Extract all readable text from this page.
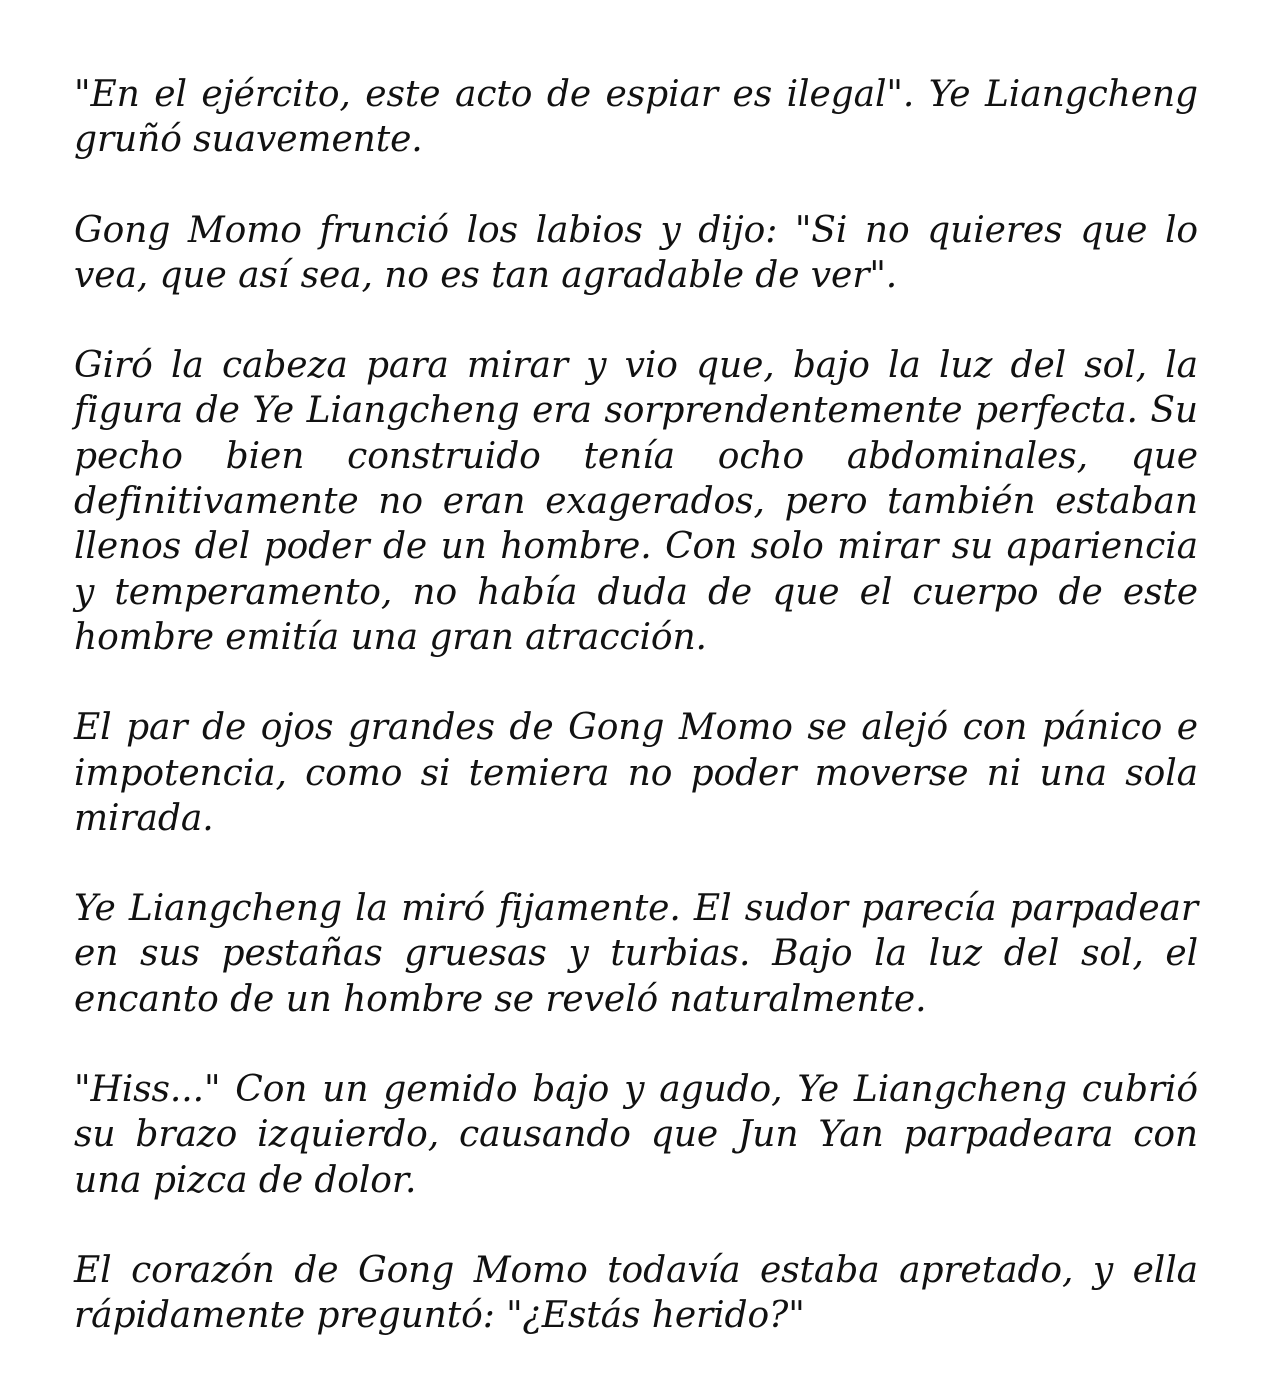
"En el ejército, este acto de espiar es ilegal". Ye Liangcheng gruñó suavemente.

Gong Momo frunció los labios y dijo: "Si no quieres que lo vea, que así sea, no es tan agradable de ver".

Giró la cabeza para mirar y vio que, bajo la luz del sol, la figura de Ye Liangcheng era sorprendentemente perfecta. Su pecho bien construido tenía ocho abdominales, que definitivamente no eran exagerados, pero también estaban llenos del poder de un hombre. Con solo mirar su apariencia y temperamento, no había duda de que el cuerpo de este hombre emitía una gran atracción.

El par de ojos grandes de Gong Momo se alejó con pánico e impotencia, como si temiera no poder moverse ni una sola mirada.

Ye Liangcheng la miró fijamente. El sudor parecía parpadear en sus pestañas gruesas y turbias. Bajo la luz del sol, el encanto de un hombre se reveló naturalmente.

"Hiss..." Con un gemido bajo y agudo, Ye Liangcheng cubrió su brazo izquierdo, causando que Jun Yan parpadeara con una pizca de dolor.

El corazón de Gong Momo todavía estaba apretado, y ella rápidamente preguntó: "¿Estás herido?"
